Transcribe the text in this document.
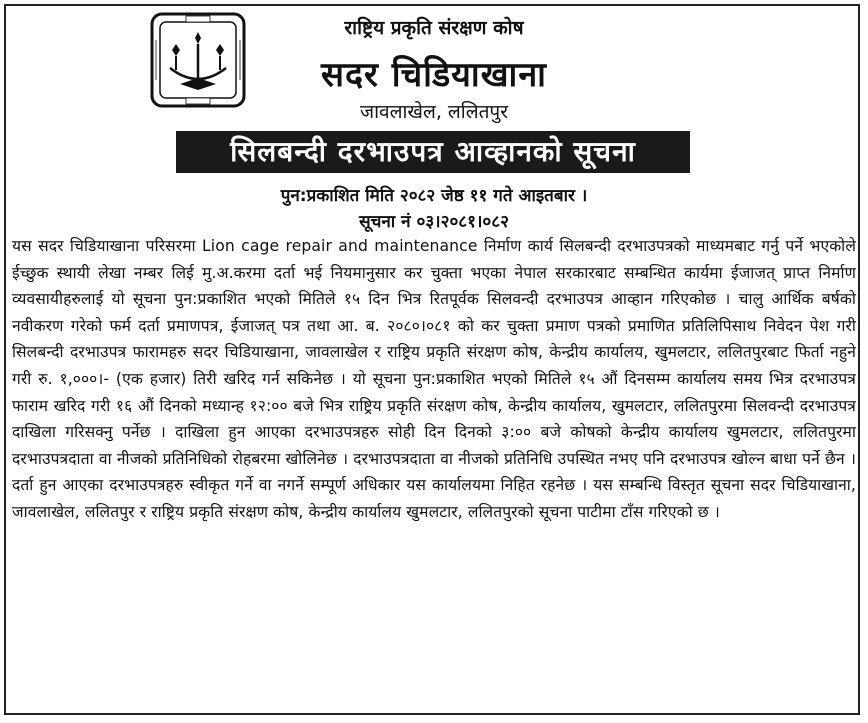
राष्ट्रिय प्रकृति संरक्षण कोष
सदर चिडियाखाना
जावलाखेल, ललितपुर
सिलबन्दी दरभाउपत्र आव्हानको सूचना
पुन:प्रकाशित मिति २०८२ जेष्ठ ११ गते आइतबार ।
सूचना नं ०३।२०८१।०८२
यस सदर चिडियाखाना परिसरमा Lion cage repair and maintenance निर्माण कार्य सिलबन्दी दरभाउपत्रको माध्यमबाट गर्नु पर्ने भएकोले ईच्छुक स्थायी लेखा नम्बर लिई मु.अ.करमा दर्ता भई नियमानुसार कर चुक्ता भएका नेपाल सरकारबाट सम्बन्धित कार्यमा ईजाजत् प्राप्त निर्माण व्यवसायीहरुलाई यो सूचना पुन:प्रकाशित भएको मितिले १५ दिन भित्र रितपूर्वक सिलवन्दी दरभाउपत्र आव्हान गरिएकोछ । चालु आर्थिक बर्षको नवीकरण गरेको फर्म दर्ता प्रमाणपत्र, ईजाजत् पत्र तथा आ. ब. २०८०।०८१ को कर चुक्ता प्रमाण पत्रको प्रमाणित प्रतिलिपिसाथ निवेदन पेश गरी सिलबन्दी दरभाउपत्र फारामहरु सदर चिडियाखाना, जावलाखेल र राष्ट्रिय प्रकृति संरक्षण कोष, केन्द्रीय कार्यालय, खुमलटार, ललितपुरबाट फिर्ता नहुने गरी रु. १,०००।- (एक हजार) तिरी खरिद गर्न सकिनेछ । यो सूचना पुन:प्रकाशित भएको मितिले १५ औं दिनसम्म कार्यालय समय भित्र दरभाउपत्र फाराम खरिद गरी १६ औं दिनको मध्यान्ह १२:०० बजे भित्र राष्ट्रिय प्रकृति संरक्षण कोष, केन्द्रीय कार्यालय, खुमलटार, ललितपुरमा सिलवन्दी दरभाउपत्र दाखिला गरिसक्नु पर्नेछ । दाखिला हुन आएका दरभाउपत्रहरु सोही दिन दिनको ३:०० बजे कोषको केन्द्रीय कार्यालय खुमलटार, ललितपुरमा दरभाउपत्रदाता वा नीजको प्रतिनिधिको रोहबरमा खोलिनेछ । दरभाउपत्रदाता वा नीजको प्रतिनिधि उपस्थित नभए पनि दरभाउपत्र खोल्न बाधा पर्ने छैन । दर्ता हुन आएका दरभाउपत्रहरु स्वीकृत गर्ने वा नगर्ने सम्पूर्ण अधिकार यस कार्यालयमा निहित रहनेछ । यस सम्बन्धि विस्तृत सूचना सदर चिडियाखाना, जावलाखेल, ललितपुर र राष्ट्रिय प्रकृति संरक्षण कोष, केन्द्रीय कार्यालय खुमलटार, ललितपुरको सूचना पाटीमा टाँस गरिएको छ ।
